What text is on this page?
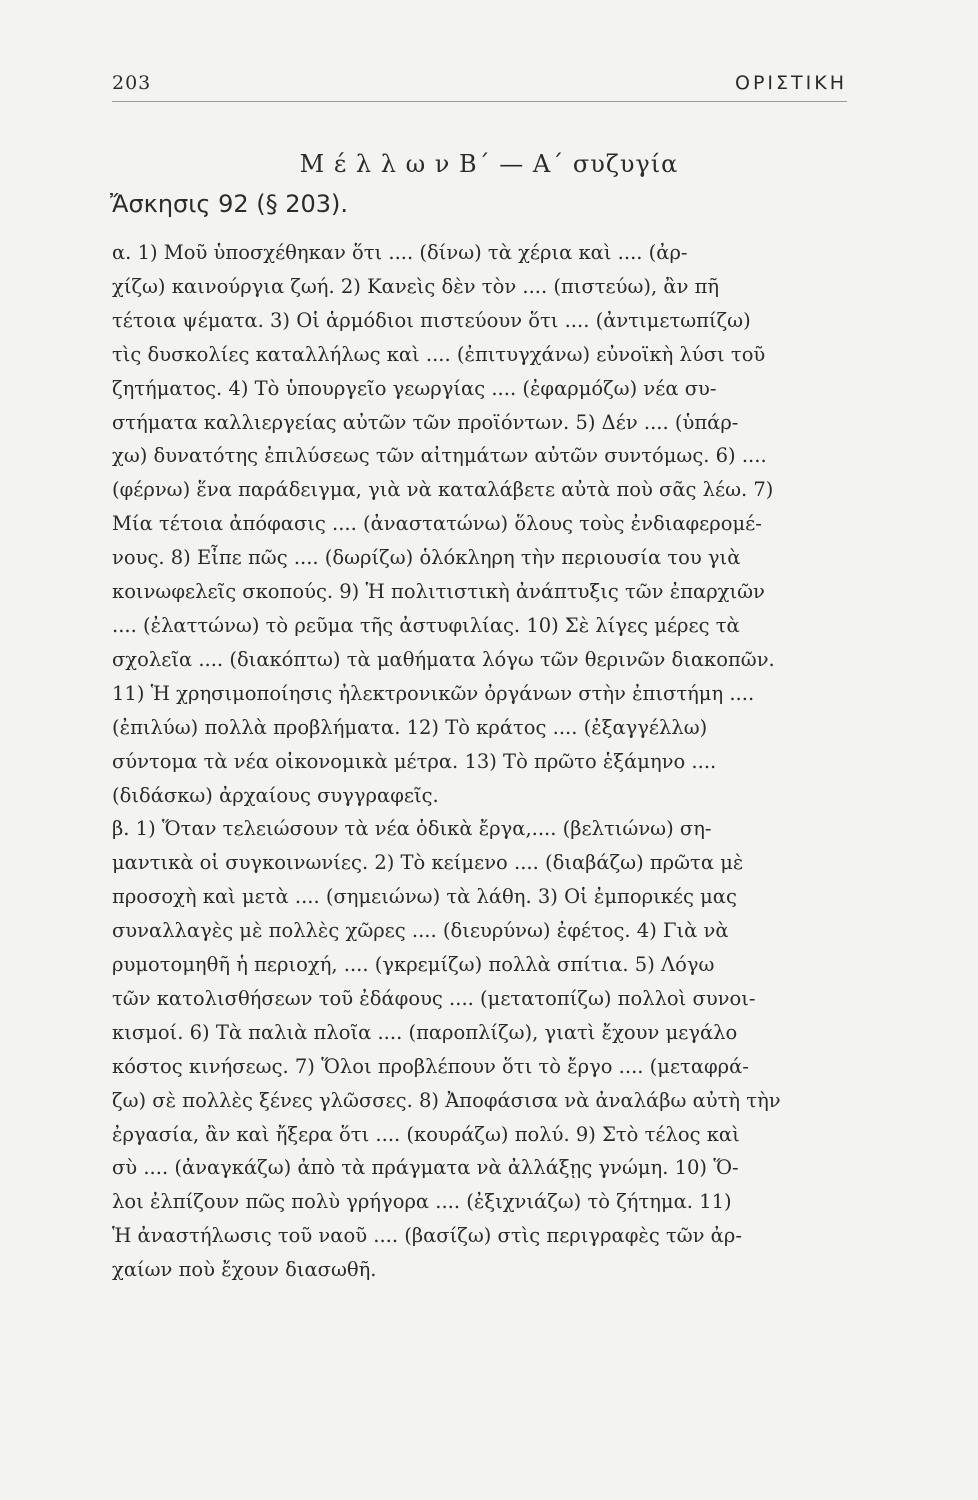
203	ΟΡΙΣΤΙΚΗ
Μ έ λ λ ω ν Β΄ — Α΄ συζυγία
Ἄσκησις 92 (§ 203).
α. 1) Μοῦ ὑποσχέθηκαν ὅτι .... (δίνω) τὰ χέρια καὶ .... (ἀρ-
χίζω) καινούργια ζωή. 2) Κανεὶς δὲν τὸν .... (πιστεύω), ἂν πῆ
τέτοια ψέματα. 3) Οἱ ἁρμόδιοι πιστεύουν ὅτι .... (ἀντιμετωπίζω)
τὶς δυσκολίες καταλλήλως καὶ .... (ἐπιτυγχάνω) εὐνοϊκὴ λύσι τοῦ
ζητήματος. 4) Τὸ ὑπουργεῖο γεωργίας .... (ἐφαρμόζω) νέα συ-
στήματα καλλιεργείας αὐτῶν τῶν προϊόντων. 5) Δέν .... (ὑπάρ-
χω) δυνατότης ἐπιλύσεως τῶν αἰτημάτων αὐτῶν συντόμως. 6) ....
(φέρνω) ἕνα παράδειγμα, γιὰ νὰ καταλάβετε αὐτὰ ποὺ σᾶς λέω. 7)
Μία τέτοια ἀπόφασις .... (ἀναστατώνω) ὅλους τοὺς ἐνδιαφερομέ-
νους. 8) Εἶπε πῶς .... (δωρίζω) ὁλόκληρη τὴν περιουσία του γιὰ
κοινωφελεῖς σκοπούς. 9) Ἡ πολιτιστικὴ ἀνάπτυξις τῶν ἐπαρχιῶν
.... (ἐλαττώνω) τὸ ρεῦμα τῆς ἀστυφιλίας. 10) Σὲ λίγες μέρες τὰ
σχολεῖα .... (διακόπτω) τὰ μαθήματα λόγω τῶν θερινῶν διακοπῶν.
11) Ἡ χρησιμοποίησις ἠλεκτρονικῶν ὀργάνων στὴν ἐπιστήμη ....
(ἐπιλύω) πολλὰ προβλήματα. 12) Τὸ κράτος .... (ἐξαγγέλλω)
σύντομα τὰ νέα οἰκονομικὰ μέτρα. 13) Τὸ πρῶτο ἑξάμηνο ....
(διδάσκω) ἀρχαίους συγγραφεῖς.
β. 1) Ὅταν τελειώσουν τὰ νέα ὁδικὰ ἔργα,.... (βελτιώνω) ση-
μαντικὰ οἱ συγκοινωνίες. 2) Τὸ κείμενο .... (διαβάζω) πρῶτα μὲ
προσοχὴ καὶ μετὰ .... (σημειώνω) τὰ λάθη. 3) Οἱ ἐμπορικές μας
συναλλαγὲς μὲ πολλὲς χῶρες .... (διευρύνω) ἐφέτος. 4) Γιὰ νὰ
ρυμοτομηθῆ ἡ περιοχή, .... (γκρεμίζω) πολλὰ σπίτια. 5) Λόγω
τῶν κατολισθήσεων τοῦ ἐδάφους .... (μετατοπίζω) πολλοὶ συνοι-
κισμοί. 6) Τὰ παλιὰ πλοῖα .... (παροπλίζω), γιατὶ ἔχουν μεγάλο
κόστος κινήσεως. 7) Ὅλοι προβλέπουν ὅτι τὸ ἔργο .... (μεταφρά-
ζω) σὲ πολλὲς ξένες γλῶσσες. 8) Ἀποφάσισα νὰ ἀναλάβω αὐτὴ τὴν
ἐργασία, ἂν καὶ ἤξερα ὅτι .... (κουράζω) πολύ. 9) Στὸ τέλος καὶ
σὺ .... (ἀναγκάζω) ἀπὸ τὰ πράγματα νὰ ἀλλάξῃς γνώμη. 10) Ὅ-
λοι ἐλπίζουν πῶς πολὺ γρήγορα .... (ἐξιχνιάζω) τὸ ζήτημα. 11)
Ἡ ἀναστήλωσις τοῦ ναοῦ .... (βασίζω) στὶς περιγραφὲς τῶν ἀρ-
χαίων ποὺ ἔχουν διασωθῆ.
